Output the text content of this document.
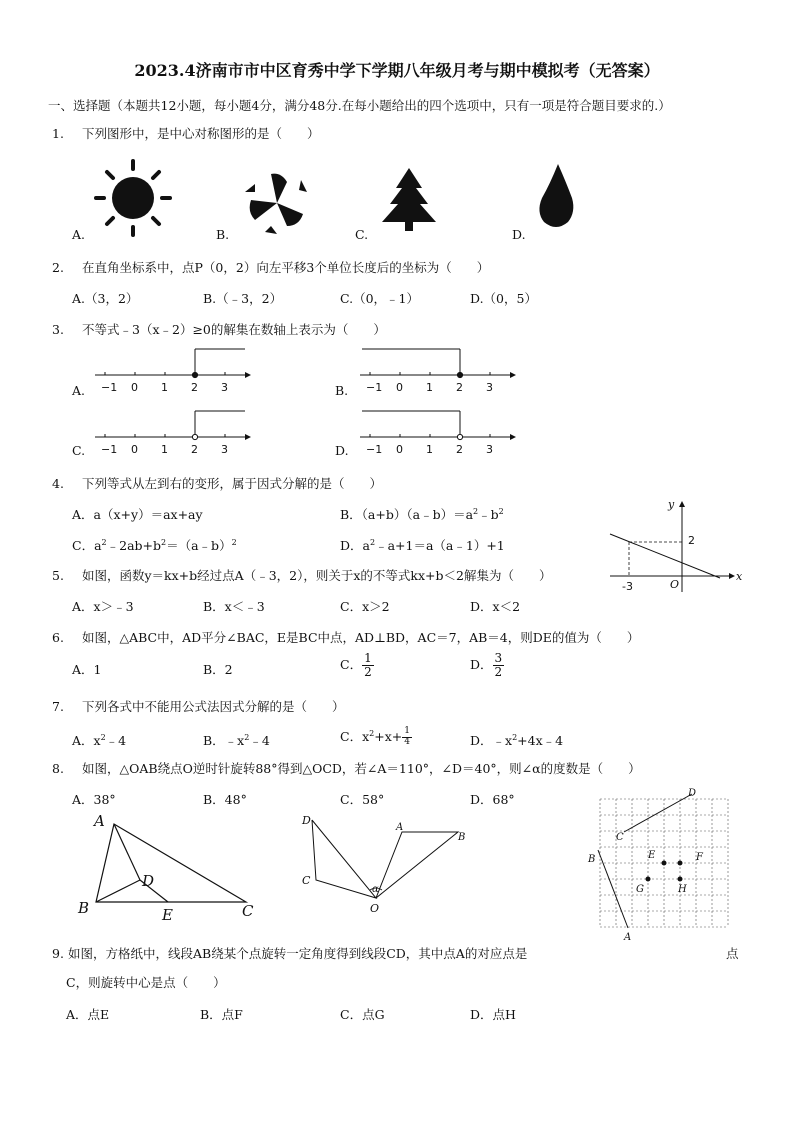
2023.4济南市市中区育秀中学下学期八年级月考与期中模拟考（无答案）
一、选择题（本题共12小题，每小题4分，满分48分.在每小题给出的四个选项中，只有一项是符合题目要求的.）
1. 下列图形中，是中心对称图形的是（　　）
A.	B.	C.	D.
2. 在直角坐标系中，点P（0，2）向左平移3个单位长度后的坐标为（　　）
A.（3，2）	B.（﹣3，2）	C.（0，﹣1）	D.（0，5）
3. 不等式﹣3（x﹣2）≥0的解集在数轴上表示为（　　）
A.	B.
C.	D.
−1 0 1 2 3	−1 0 1 2 3
−1 0 1 2 3	−1 0 1 2 3
4. 下列等式从左到右的变形，属于因式分解的是（　　）
A．a（x+y）＝ax+ay	B．$(a+b)(a﹣b)=a^2﹣b^2$
C．$a^2﹣2ab+b^2=(a﹣b)^2$	D．$a^2﹣a+1=a(a﹣1)+1$
y
x
O
-3
2
5. 如图，函数y＝kx+b经过点A（﹣3，2），则关于x的不等式kx+b＜2解集为（　　）
A．x＞﹣3	B．x＜﹣3	C．x＞2	D．x＜2
6. 如图，△ABC中，AD平分∠BAC，E是BC中点，AD⊥BD，AC＝7，AB＝4，则DE的值为（　　）
A．1	B．2	C． $\frac{1}{2}$	D． $\frac{3}{2}$
7. 下列各式中不能用公式法因式分解的是（　　）
A．$x^2﹣4$	B．$﹣x^2﹣4$	C．$x^2+x+ \frac{1}{4}$	D．$﹣x^2+4x﹣4$
8. 如图，△OAB绕点O逆时针旋转88°得到△OCD，若∠A＝110°，∠D＝40°，则∠α的度数是（　　）
A．38°	B．48°	C．58°	D．68°
A
B	C
D
E
D
C
A
B
O
α
D
C
B
A
E	F
G	H
9. 如图，方格纸中，线段AB绕某个点旋转一定角度得到线段CD，其中点A的对应点是	点
C，则旋转中心是点（　　）
A．点E	B．点F	C．点G	D．点H
